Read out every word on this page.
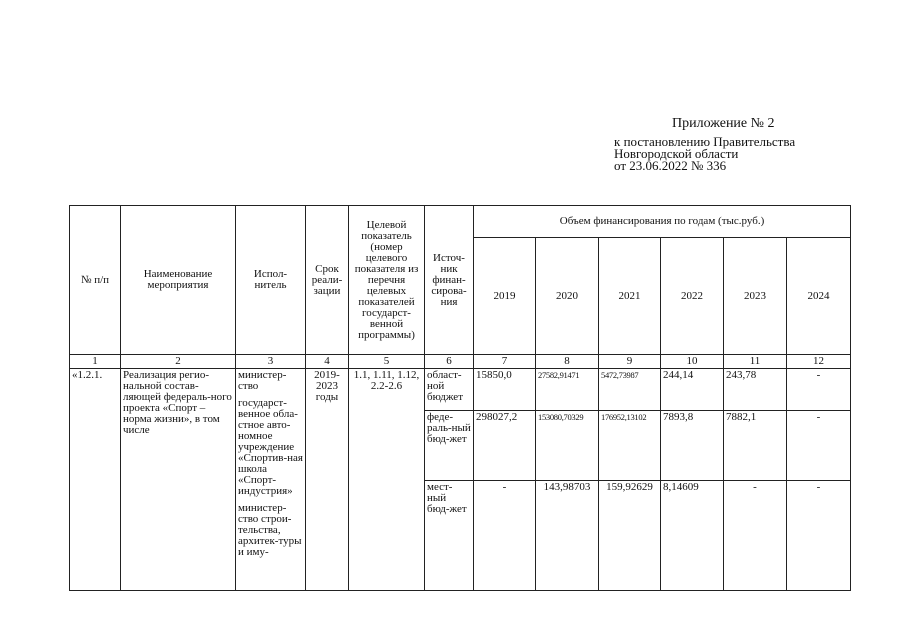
Приложение № 2
к постановлению Правительства
Новгородской области
от 23.06.2022 № 336
№ п/п	Наименование мероприятия	Испол-нитель	Срок реали-зации	Целевой показатель (номер целевого показателя из перечня целевых показателей государст-венной программы)	Источ-ник финан-сирова-ния	Объем финансирования по годам (тыс.руб.)					
						2019	2020	2021	2022	2023	2024
1	2	3	4	5	6	7	8	9	10	11	12
«1.2.1.	Реализация регио-нальной состав-ляющей федераль-ного проекта «Спорт – норма жизни», в том числе	министер-ство
государст-венное обла-стное авто-номное учреждение «Спортив-ная школа «Спорт-индустрия»
министер-ство строи-тельства, архитек-туры и иму-	2019-2023 годы	1.1, 1.11, 1.12, 2.2-2.6	област-ной бюджет	15850,0	27582,91471	5472,73987	244,14	243,78	-
					феде-раль-ный бюд-жет	298027,2	153080,70329	176952,13102	7893,8	7882,1	-
					мест-ный бюд-жет	-	143,98703	159,92629	8,14609	-	-
